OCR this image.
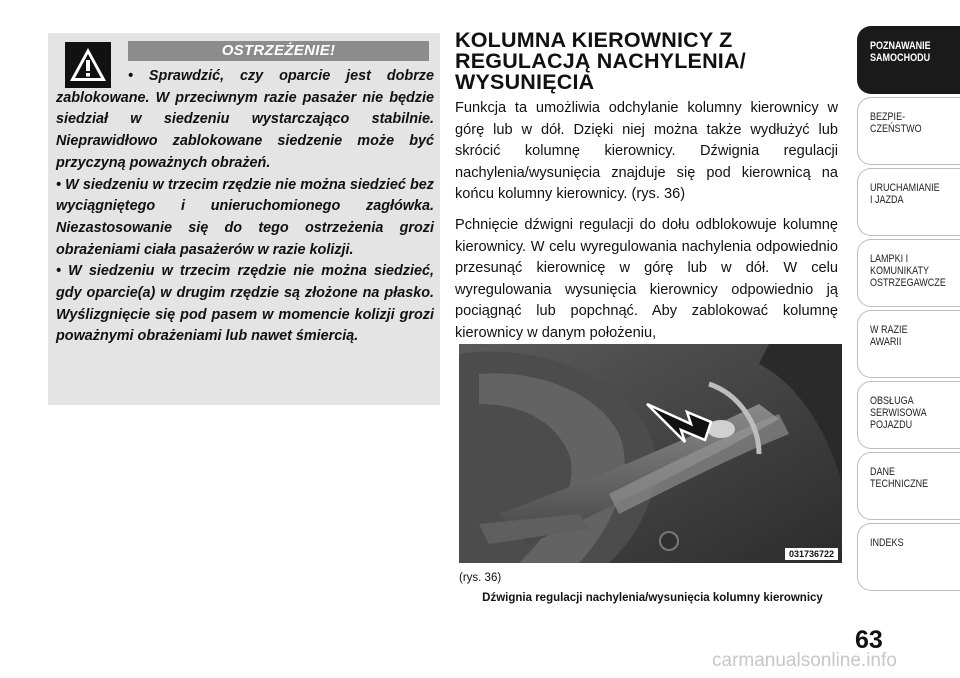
OSTRZEŻENIE!

• Sprawdzić, czy oparcie jest dobrze zablokowane. W przeciwnym razie pasażer nie będzie siedział w siedzeniu wystarczająco stabilnie. Nieprawidłowo zablokowane siedzenie może być przyczyną poważnych obrażeń.

• W siedzeniu w trzecim rzędzie nie można siedzieć bez wyciągniętego i unieruchomionego zagłówka. Niezastosowanie się do tego ostrzeżenia grozi obrażeniami ciała pasażerów w razie kolizji.

• W siedzeniu w trzecim rzędzie nie można siedzieć, gdy oparcie(a) w drugim rzędzie są złożone na płasko. Wyślizgnięcie się pod pasem w momencie kolizji grozi poważnymi obrażeniami lub nawet śmiercią.

KOLUMNA KIEROWNICY Z REGULACJĄ NACHYLENIA/ WYSUNIĘCIA

Funkcja ta umożliwia odchylanie kolumny kierownicy w górę lub w dół. Dzięki niej można także wydłużyć lub skrócić kolumnę kierownicy. Dźwignia regulacji nachylenia/wysunięcia znajduje się pod kierownicą na końcu kolumny kierownicy. (rys. 36)

Pchnięcie dźwigni regulacji do dołu odblokowuje kolumnę kierownicy. W celu wyregulowania nachylenia odpowiednio przesunąć kierownicę w górę lub w dół. W celu wyregulowania wysunięcia kierownicy odpowiednio ją pociągnąć lub popchnąć. Aby zablokować kolumnę kierownicy w danym położeniu,

031736722
(rys. 36)
Dźwignia regulacji nachylenia/wysunięcia kolumny kierownicy
POZNAWANIE
SAMOCHODU
BEZPIE-
CZEŃSTWO
URUCHAMIANIE
I JAZDA
LAMPKI I
KOMUNIKATY
OSTRZEGAWCZE
W RAZIE
AWARII
OBSŁUGA
SERWISOWA
POJAZDU
DANE
TECHNICZNE
INDEKS
63
carmanualsonline.info
